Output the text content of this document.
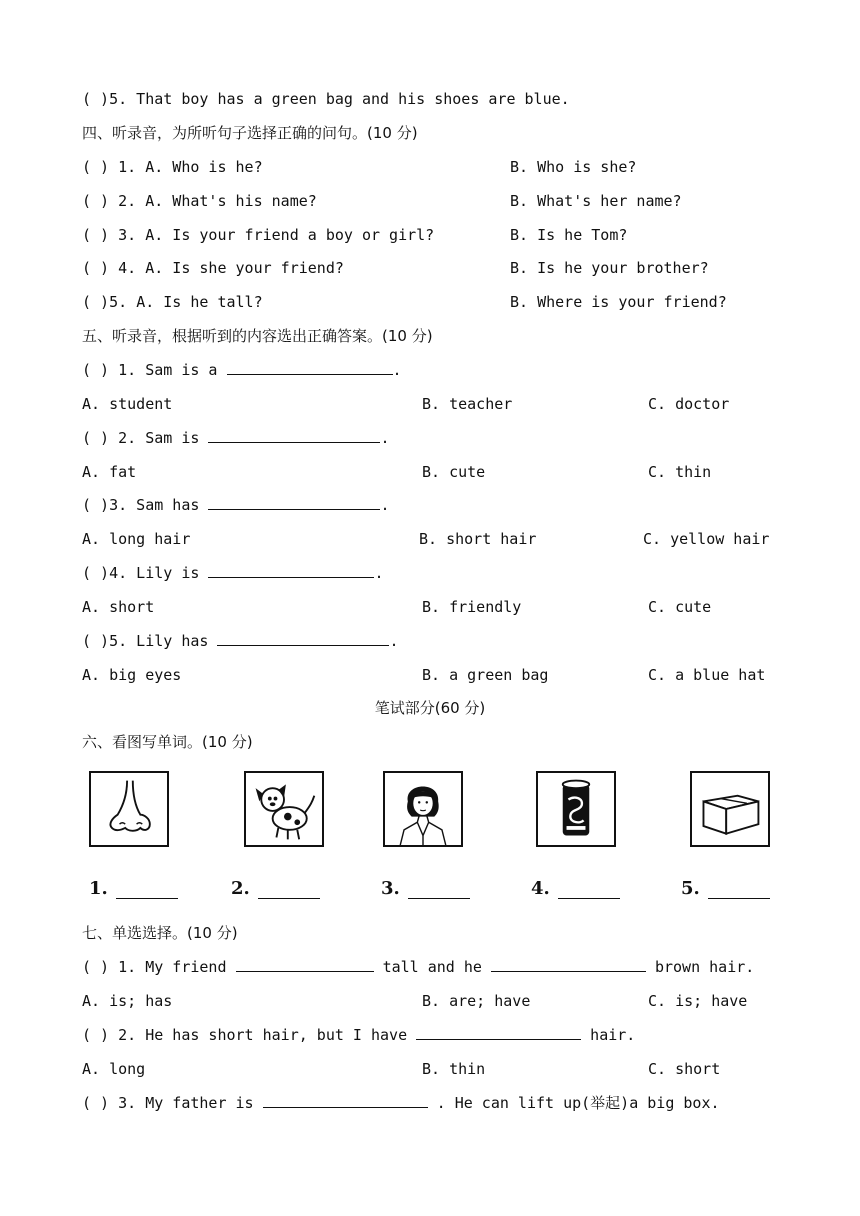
( )5. That boy has a green bag and his shoes are blue.
四、听录音，为所听句子选择正确的问句。(10 分)
( ) 1. A. Who is he?	B. Who is she?
( ) 2. A. What's his name?	B. What's her name?
( ) 3. A. Is your friend a boy or girl?	B. Is he Tom?
( ) 4. A. Is she your friend?	B. Is he your brother?
( )5. A. Is he tall?	B. Where is your friend?
五、听录音，根据听到的内容选出正确答案。(10 分)
( ) 1. Sam is a	.
A. student	B. teacher	C. doctor
( ) 2. Sam is	.
A. fat	B. cute	C. thin
( )3. Sam has	.
A. long hair	B. short hair	C. yellow hair
( )4. Lily is	.
A. short	B. friendly	C. cute
( )5. Lily has	.
A. big eyes	B. a green bag	C. a blue hat
笔试部分(60 分)
六、看图写单词。(10 分)
1.	2.	3.	4.	5.
七、单选选择。(10 分)
( ) 1. My friend	tall and he	brown hair.
A. is; has	B. are; have	C. is; have
( ) 2. He has short hair, but I have	hair.
A. long	B. thin	C. short
( ) 3. My father is	. He can lift up(举起)a big box.
